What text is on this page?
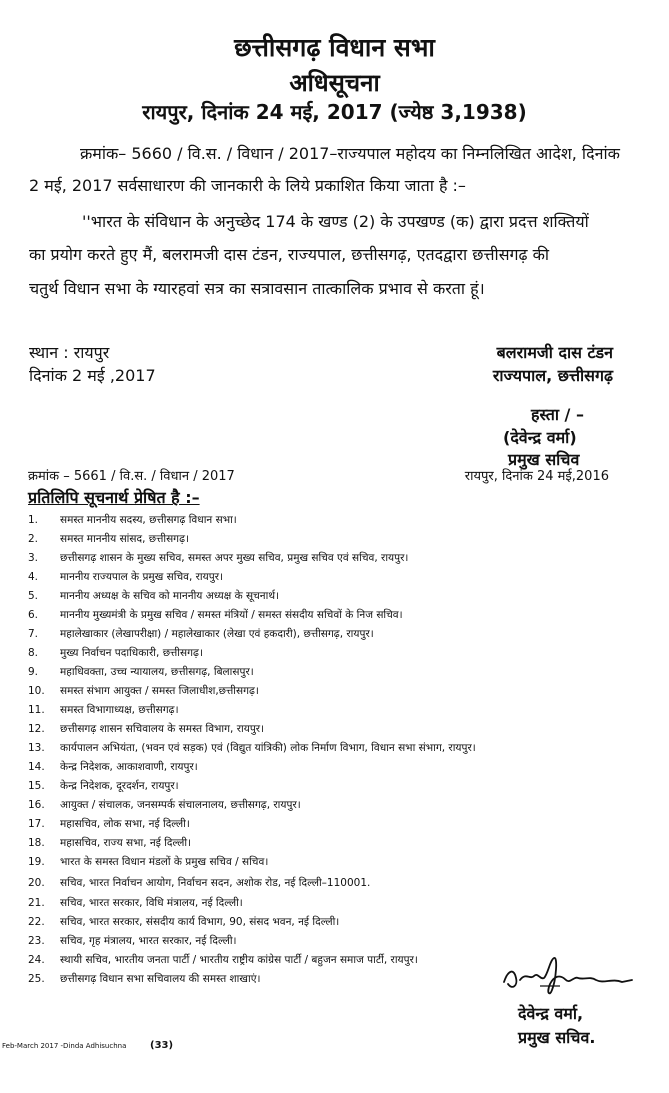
छत्तीसगढ़ विधान सभा
अधिसूचना
रायपुर, दिनांक 24 मई, 2017 (ज्येष्ठ 3,1938)
क्रमांक– 5660 / वि.स. / विधान / 2017–राज्यपाल महोदय का निम्नलिखित आदेश, दिनांक
2 मई, 2017 सर्वसाधारण की जानकारी के लिये प्रकाशित किया जाता है :–
''भारत के संविधान के अनुच्छेद 174 के खण्ड (2) के उपखण्ड (क) द्वारा प्रदत्त शक्तियों
का प्रयोग करते हुए मैं, बलरामजी दास टंडन, राज्यपाल, छत्तीसगढ़, एतदद्वारा छत्तीसगढ़ की
चतुर्थ विधान सभा के ग्यारहवां सत्र का सत्रावसान तात्कालिक प्रभाव से करता हूं।
स्थान : रायपुर
दिनांक 2 मई ,2017
बलरामजी दास टंडन
राज्यपाल, छत्तीसगढ़
हस्ता / –
(देवेन्द्र वर्मा)
प्रमुख सचिव
क्रमांक – 5661 / वि.स. / विधान / 2017	रायपुर, दिनांक 24 मई,2016
प्रतिलिपि सूचनार्थ प्रेषित है :–
1. समस्त माननीय सदस्य, छत्तीसगढ़ विधान सभा।
2. समस्त माननीय सांसद, छत्तीसगढ़।
3. छत्तीसगढ़ शासन के मुख्य सचिव, समस्त अपर मुख्य सचिव, प्रमुख सचिव एवं सचिव, रायपुर।
4. माननीय राज्यपाल के प्रमुख सचिव, रायपुर।
5. माननीय अध्यक्ष के सचिव को माननीय अध्यक्ष के सूचनार्थ।
6. माननीय मुख्यमंत्री के प्रमुख सचिव / समस्त मंत्रियों / समस्त संसदीय सचिवों के निज सचिव।
7. महालेखाकार (लेखापरीक्षा) / महालेखाकार (लेखा एवं हकदारी), छत्तीसगढ़, रायपुर।
8. मुख्य निर्वाचन पदाधिकारी, छत्तीसगढ़।
9. महाधिवक्ता, उच्च न्यायालय, छत्तीसगढ़, बिलासपुर।
10. समस्त संभाग आयुक्त / समस्त जिलाधीश,छत्तीसगढ़।
11. समस्त विभागाध्यक्ष, छत्तीसगढ़।
12. छत्तीसगढ़ शासन सचिवालय के समस्त विभाग, रायपुर।
13. कार्यपालन अभियंता, (भवन एवं सड़क) एवं (विद्युत यांत्रिकी) लोक निर्माण विभाग, विधान सभा संभाग, रायपुर।
14. केन्द्र निदेशक, आकाशवाणी, रायपुर।
15. केन्द्र निदेशक, दूरदर्शन, रायपुर।
16. आयुक्त / संचालक, जनसम्पर्क संचालनालय, छत्तीसगढ़, रायपुर।
17. महासचिव, लोक सभा, नई दिल्ली।
18. महासचिव, राज्य सभा, नई दिल्ली।
19. भारत के समस्त विधान मंडलों के प्रमुख सचिव / सचिव।
20. सचिव, भारत निर्वाचन आयोग, निर्वाचन सदन, अशोक रोड, नई दिल्ली–110001.
21. सचिव, भारत सरकार, विधि मंत्रालय, नई दिल्ली।
22. सचिव, भारत सरकार, संसदीय कार्य विभाग, 90, संसद भवन, नई दिल्ली।
23. सचिव, गृह मंत्रालय, भारत सरकार, नई दिल्ली।
24. स्थायी सचिव, भारतीय जनता पार्टी / भारतीय राष्ट्रीय कांग्रेस पार्टी / बहुजन समाज पार्टी, रायपुर।
25. छत्तीसगढ़ विधान सभा सचिवालय की समस्त शाखाएं।
देवेन्द्र वर्मा,
प्रमुख सचिव.
Feb-March 2017 -Dinda Adhisuchna (33)
